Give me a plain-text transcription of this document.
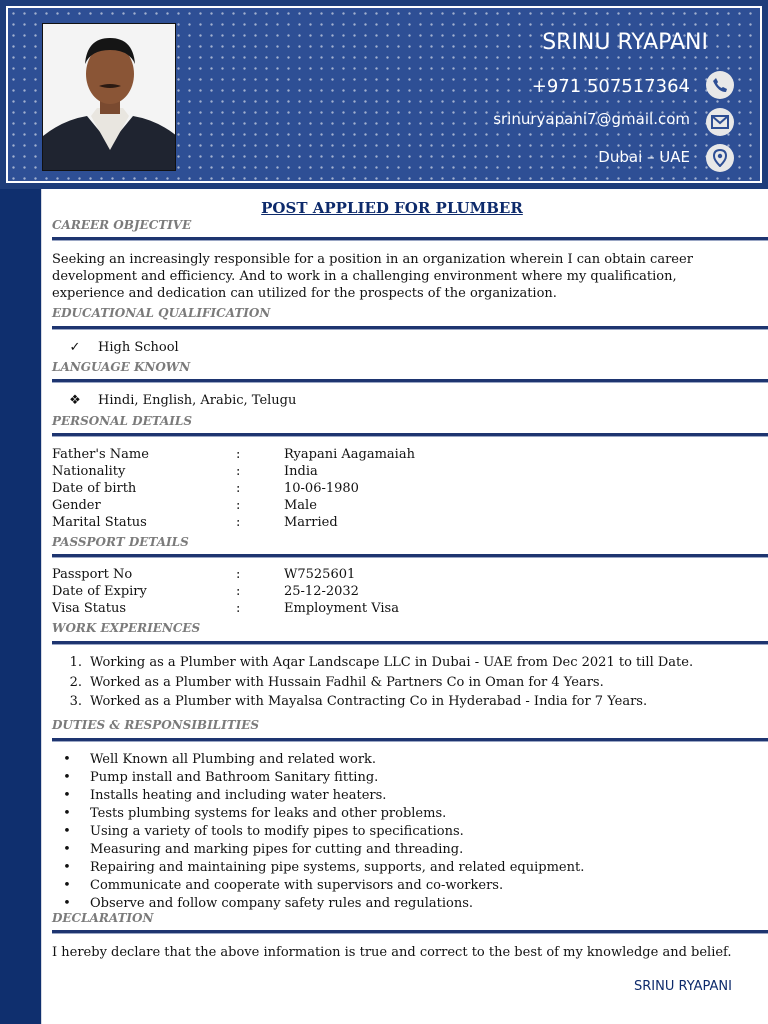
SRINU RYAPANI
+971 507517364
srinuryapani7@gmail.com
Dubai – UAE
POST APPLIED FOR PLUMBER
CAREER OBJECTIVE
Seeking an increasingly responsible for a position in an organization wherein I can obtain career
development and efficiency. And to work in a challenging environment where my qualification,
experience and dedication can utilized for the prospects of the organization.
EDUCATIONAL QUALIFICATION
✓ High School
LANGUAGE KNOWN
❖ Hindi, English, Arabic, Telugu
PERSONAL DETAILS
Father's Name	:	Ryapani Aagamaiah
Nationality	:	India
Date of birth	:	10-06-1980
Gender	:	Male
Marital Status	:	Married
PASSPORT DETAILS
Passport No	:	W7525601
Date of Expiry	:	25-12-2032
Visa Status	:	Employment Visa
WORK EXPERIENCES
1. Working as a Plumber with Aqar Landscape LLC in Dubai - UAE from Dec 2021 to till Date.
2. Worked as a Plumber with Hussain Fadhil & Partners Co in Oman for 4 Years.
3. Worked as a Plumber with Mayalsa Contracting Co in Hyderabad - India for 7 Years.
DUTIES & RESPONSIBILITIES
• Well Known all Plumbing and related work.
• Pump install and Bathroom Sanitary fitting.
• Installs heating and including water heaters.
• Tests plumbing systems for leaks and other problems.
• Using a variety of tools to modify pipes to specifications.
• Measuring and marking pipes for cutting and threading.
• Repairing and maintaining pipe systems, supports, and related equipment.
• Communicate and cooperate with supervisors and co-workers.
• Observe and follow company safety rules and regulations.
DECLARATION
I hereby declare that the above information is true and correct to the best of my knowledge and belief.
SRINU RYAPANI
